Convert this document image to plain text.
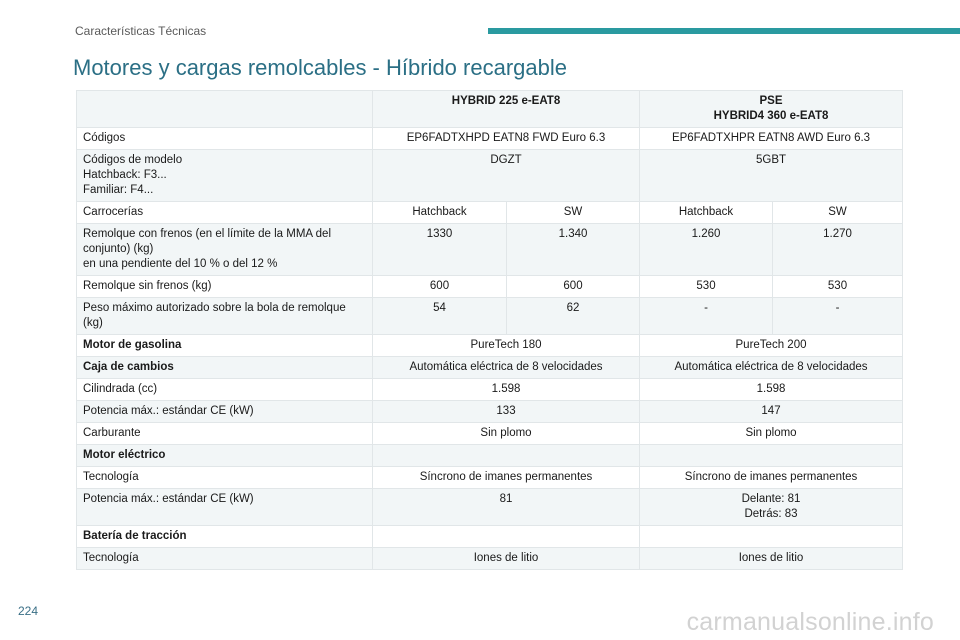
Características Técnicas
Motores y cargas remolcables - Híbrido recargable
	HYBRID 225 e-EAT8		PSE
HYBRID4 360 e-EAT8	
Códigos	EP6FADTXHPD EATN8 FWD Euro 6.3		EP6FADTXHPR EATN8 AWD Euro 6.3	
Códigos de modelo
Hatchback: F3...
Familiar: F4...	DGZT		5GBT	
Carrocerías	Hatchback	SW	Hatchback	SW
Remolque con frenos (en el límite de la MMA del
conjunto) (kg)
en una pendiente del 10 % o del 12 %	1330	1.340	1.260	1.270
Remolque sin frenos (kg)	600	600	530	530
Peso máximo autorizado sobre la bola de remolque
(kg)	54	62	-	-
Motor de gasolina	PureTech 180		PureTech 200	
Caja de cambios	Automática eléctrica de 8 velocidades		Automática eléctrica de 8 velocidades	
Cilindrada (cc)	1.598		1.598	
Potencia máx.: estándar CE (kW)	133		147	
Carburante	Sin plomo		Sin plomo	
Motor eléctrico				
Tecnología	Síncrono de imanes permanentes		Síncrono de imanes permanentes	
Potencia máx.: estándar CE (kW)	81		Delante: 81
Detrás: 83	
Batería de tracción				
Tecnología	Iones de litio		Iones de litio	
224	carmanualsonline.info
